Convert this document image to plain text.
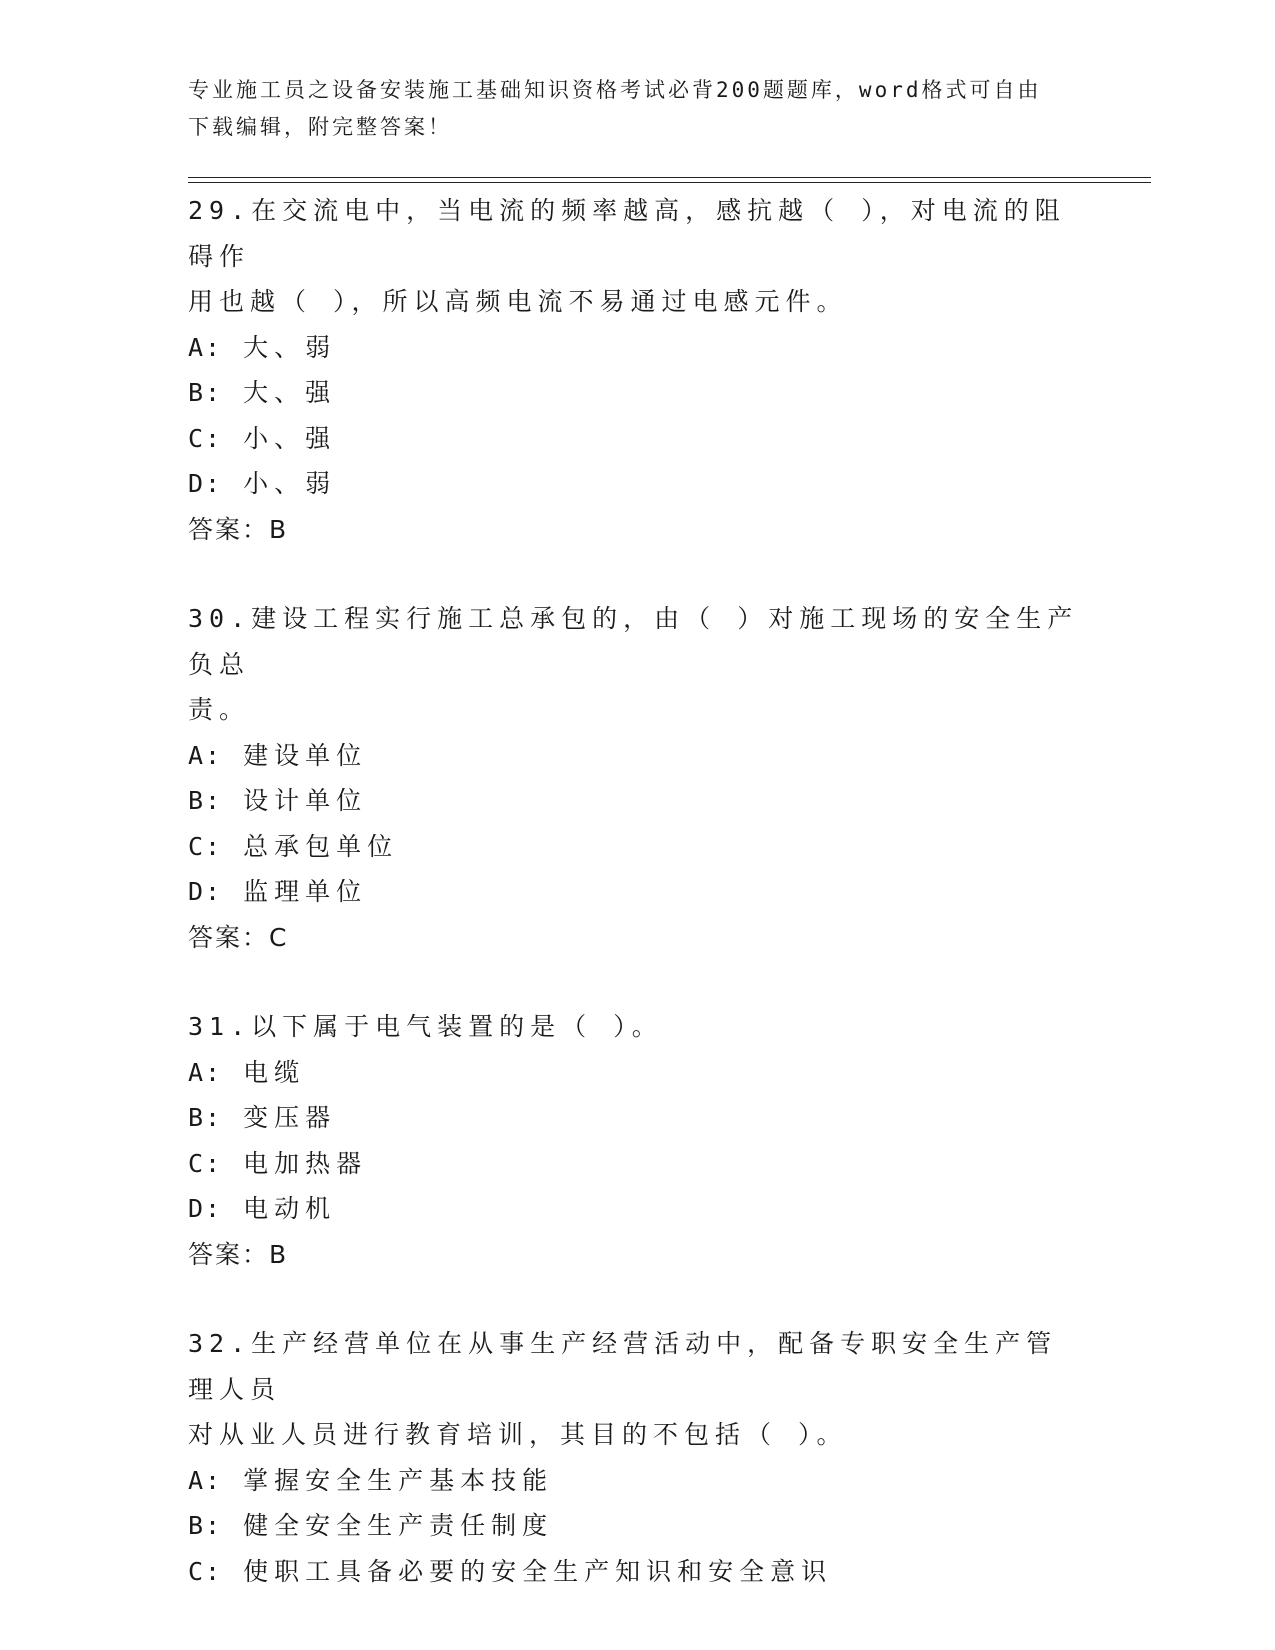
专业施工员之设备安装施工基础知识资格考试必背200题题库，word格式可自由
下载编辑，附完整答案！
29.在交流电中，当电流的频率越高，感抗越（ ），对电流的阻碍作
用也越（ ），所以高频电流不易通过电感元件。
A: 大、弱
B: 大、强
C: 小、强
D: 小、弱
答案：B
30.建设工程实行施工总承包的，由（ ）对施工现场的安全生产负总
责。
A: 建设单位
B: 设计单位
C: 总承包单位
D: 监理单位
答案：C
31.以下属于电气装置的是（ ）。
A: 电缆
B: 变压器
C: 电加热器
D: 电动机
答案：B
32.生产经营单位在从事生产经营活动中，配备专职安全生产管理人员
对从业人员进行教育培训，其目的不包括（ ）。
A: 掌握安全生产基本技能
B: 健全安全生产责任制度
C: 使职工具备必要的安全生产知识和安全意识
